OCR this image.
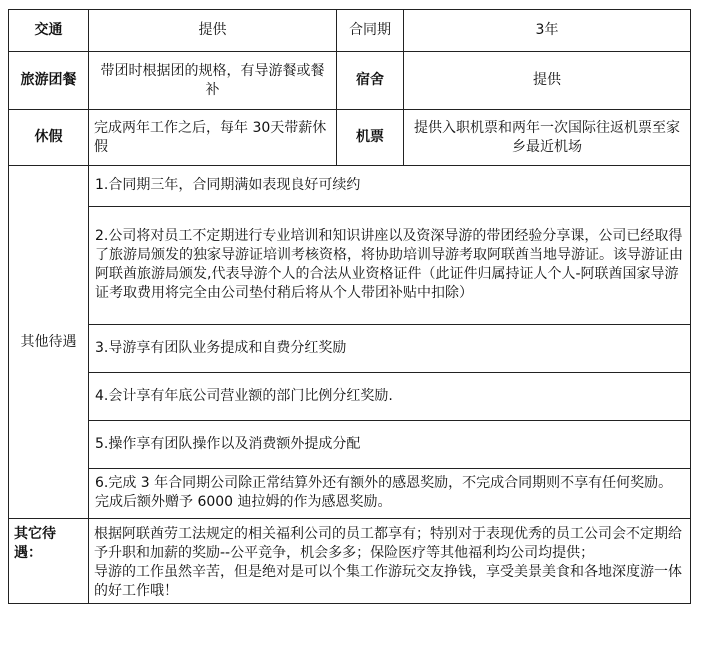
交通	提供	合同期	3年
旅游团餐	带团时根据团的规格，有导游餐或餐补	宿舍	提供
休假	完成两年工作之后，每年 30天带薪休假	机票	提供入职机票和两年一次国际往返机票至家乡最近机场
其他待遇	
1.合同期三年，合同期满如表现良好可续约
2.公司将对员工不定期进行专业培训和知识讲座以及资深导游的带团经验分享课，公司已经取得了旅游局颁发的独家导游证培训考核资格，将协助培训导游考取阿联酋当地导游证。该导游证由阿联酋旅游局颁发,代表导游个人的合法从业资格证件（此证件归属持证人个人-阿联酋国家导游证考取费用将完全由公司垫付稍后将从个人带团补贴中扣除）
3.导游享有团队业务提成和自费分红奖励
4.会计享有年底公司营业额的部门比例分红奖励.
5.操作享有团队操作以及消费额外提成分配
6.完成 3 年合同期公司除正常结算外还有额外的感恩奖励，不完成合同期则不享有任何奖励。完成后额外赠予 6000 迪拉姆的作为感恩奖励。

其它待遇：	
根据阿联酋劳工法规定的相关福利公司的员工都享有；特别对于表现优秀的员工公司会不定期给予升职和加薪的奖励--公平竞争，机会多多；保险医疗等其他福利均公司均提供；
导游的工作虽然辛苦，但是绝对是可以个集工作游玩交友挣钱，享受美景美食和各地深度游一体的好工作哦！
